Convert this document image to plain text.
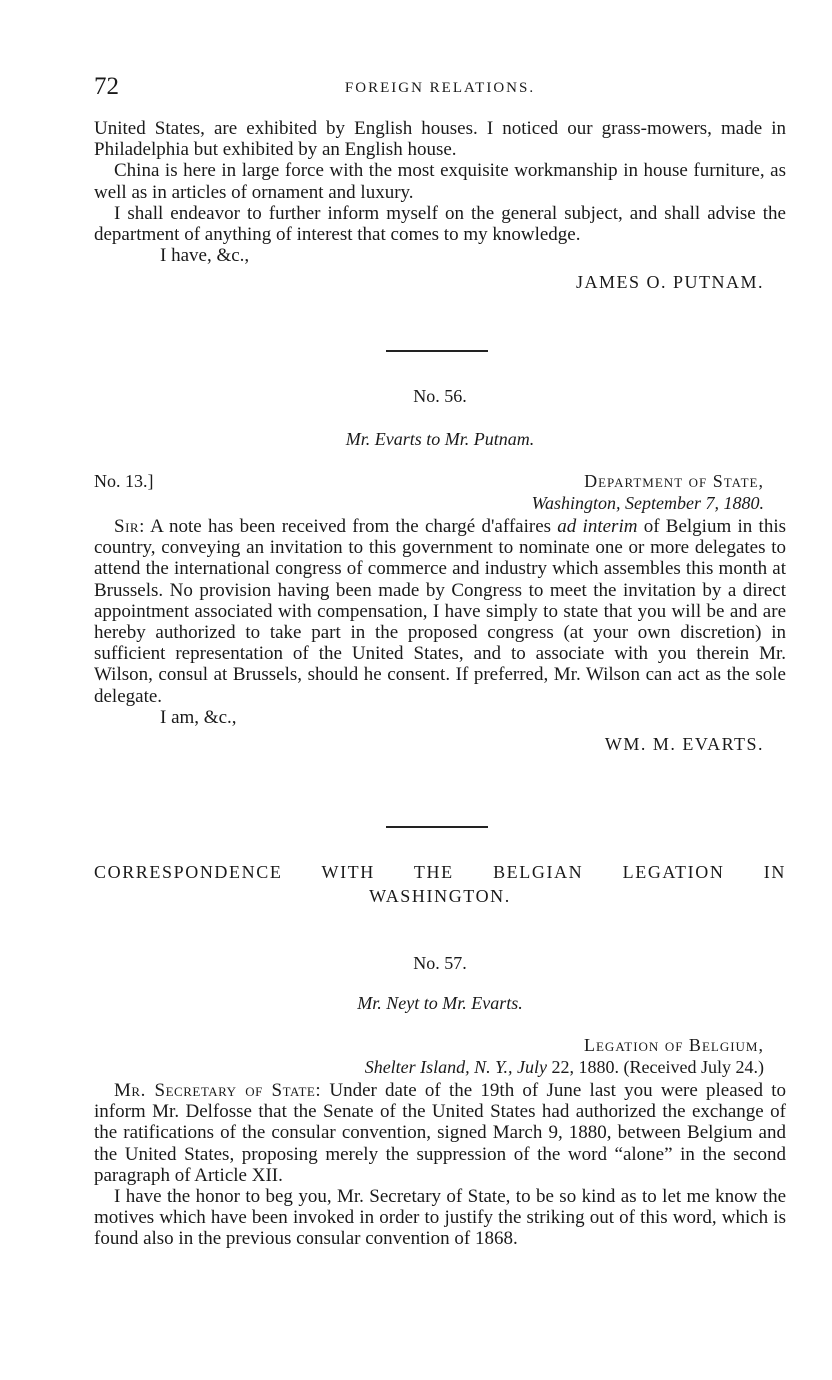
72	FOREIGN RELATIONS.

United States, are exhibited by English houses. I noticed our grass-mowers, made in Philadelphia but exhibited by an English house.

China is here in large force with the most exquisite workmanship in house furniture, as well as in articles of ornament and luxury.

I shall endeavor to further inform myself on the general subject, and shall advise the department of anything of interest that comes to my knowledge.

I have, &c.,

JAMES O. PUTNAM.

No. 56.
Mr. Evarts to Mr. Putnam.
No. 13.]	Department of State,
Washington, September 7, 1880.

Sir: A note has been received from the chargé d'affaires ad interim of Belgium in this country, conveying an invitation to this government to nominate one or more delegates to attend the international congress of commerce and industry which assembles this month at Brussels. No provision having been made by Congress to meet the invitation by a direct appointment associated with compensation, I have simply to state that you will be and are hereby authorized to take part in the proposed congress (at your own discretion) in sufficient representation of the United States, and to associate with you therein Mr. Wilson, consul at Brussels, should he consent. If preferred, Mr. Wilson can act as the sole delegate.

I am, &c.,

WM. M. EVARTS.

CORRESPONDENCE WITH THE BELGIAN LEGATION IN
WASHINGTON.
No. 57.
Mr. Neyt to Mr. Evarts.
Legation of Belgium,
Shelter Island, N. Y., July 22, 1880. (Received July 24.)

Mr. Secretary of State: Under date of the 19th of June last you were pleased to inform Mr. Delfosse that the Senate of the United States had authorized the exchange of the ratifications of the consular convention, signed March 9, 1880, between Belgium and the United States, proposing merely the suppression of the word “alone” in the second paragraph of Article XII.

I have the honor to beg you, Mr. Secretary of State, to be so kind as to let me know the motives which have been invoked in order to justify the striking out of this word, which is found also in the previous consular convention of 1868.
